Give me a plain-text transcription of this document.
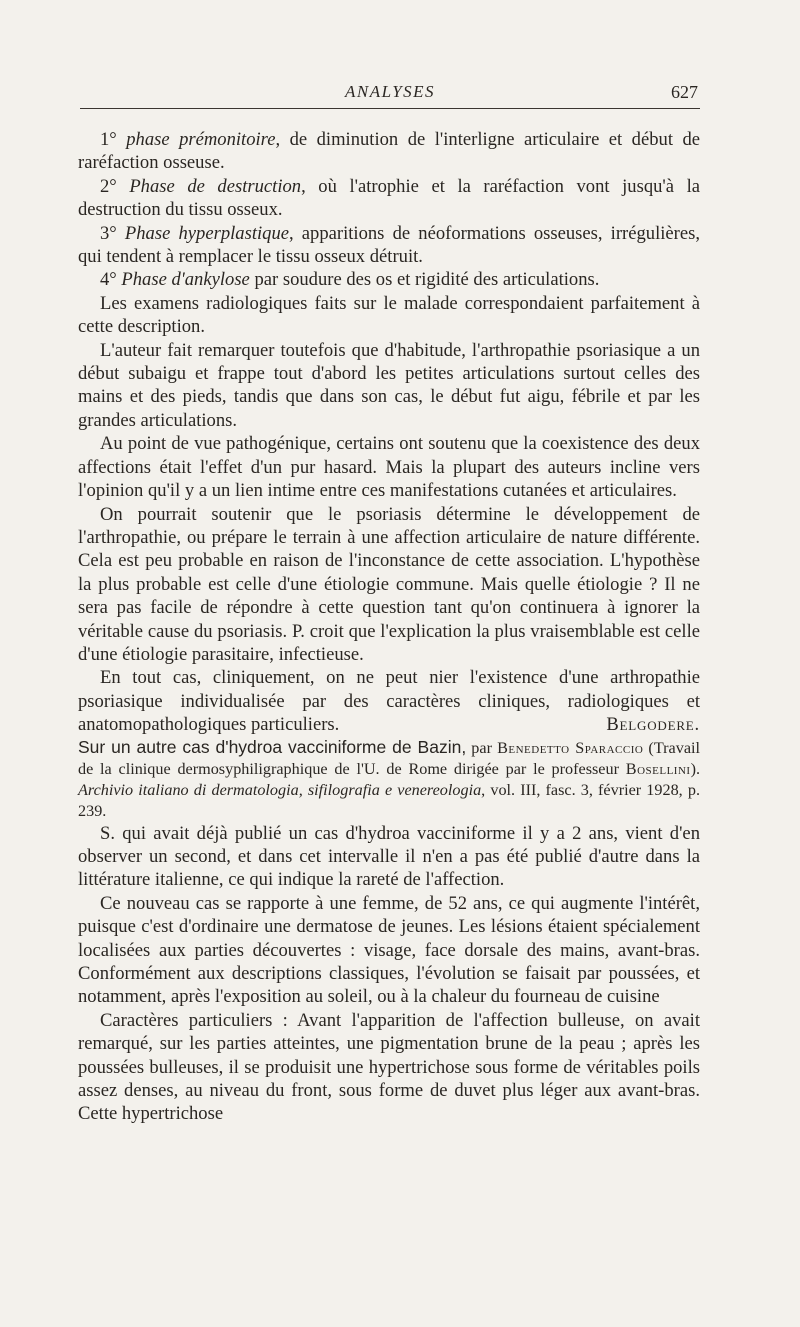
ANALYSES	627

1° phase prémonitoire, de diminution de l'interligne articulaire et début de raréfaction osseuse.

2° Phase de destruction, où l'atrophie et la raréfaction vont jusqu'à la destruction du tissu osseux.

3° Phase hyperplastique, apparitions de néoformations osseuses, irrégulières, qui tendent à remplacer le tissu osseux détruit.

4° Phase d'ankylose par soudure des os et rigidité des articulations.

Les examens radiologiques faits sur le malade correspondaient parfaitement à cette description.

L'auteur fait remarquer toutefois que d'habitude, l'arthropathie psoriasique a un début subaigu et frappe tout d'abord les petites articulations surtout celles des mains et des pieds, tandis que dans son cas, le début fut aigu, fébrile et par les grandes articulations.

Au point de vue pathogénique, certains ont soutenu que la coexistence des deux affections était l'effet d'un pur hasard. Mais la plupart des auteurs incline vers l'opinion qu'il y a un lien intime entre ces manifestations cutanées et articulaires.

On pourrait soutenir que le psoriasis détermine le développement de l'arthropathie, ou prépare le terrain à une affection articulaire de nature différente. Cela est peu probable en raison de l'inconstance de cette association. L'hypothèse la plus probable est celle d'une étiologie commune. Mais quelle étiologie ? Il ne sera pas facile de répondre à cette question tant qu'on continuera à ignorer la véritable cause du psoriasis. P. croit que l'explication la plus vraisemblable est celle d'une étiologie parasitaire, infectieuse.

En tout cas, cliniquement, on ne peut nier l'existence d'une arthropathie psoriasique individualisée par des caractères cliniques, radiologiques et anatomopathologiques particuliers.	Belgodere.

Sur un autre cas d'hydroa vacciniforme de Bazin, par Benedetto Sparaccio (Travail de la clinique dermosyphiligraphique de l'U. de Rome dirigée par le professeur Bosellini). Archivio italiano di dermatologia, sifilografia e venereologia, vol. III, fasc. 3, février 1928, p. 239.

S. qui avait déjà publié un cas d'hydroa vacciniforme il y a 2 ans, vient d'en observer un second, et dans cet intervalle il n'en a pas été publié d'autre dans la littérature italienne, ce qui indique la rareté de l'affection.

Ce nouveau cas se rapporte à une femme, de 52 ans, ce qui augmente l'intérêt, puisque c'est d'ordinaire une dermatose de jeunes. Les lésions étaient spécialement localisées aux parties découvertes : visage, face dorsale des mains, avant-bras. Conformément aux descriptions classiques, l'évolution se faisait par poussées, et notamment, après l'exposition au soleil, ou à la chaleur du fourneau de cuisine

Caractères particuliers : Avant l'apparition de l'affection bulleuse, on avait remarqué, sur les parties atteintes, une pigmentation brune de la peau ; après les poussées bulleuses, il se produisit une hypertrichose sous forme de véritables poils assez denses, au niveau du front, sous forme de duvet plus léger aux avant-bras. Cette hypertrichose
